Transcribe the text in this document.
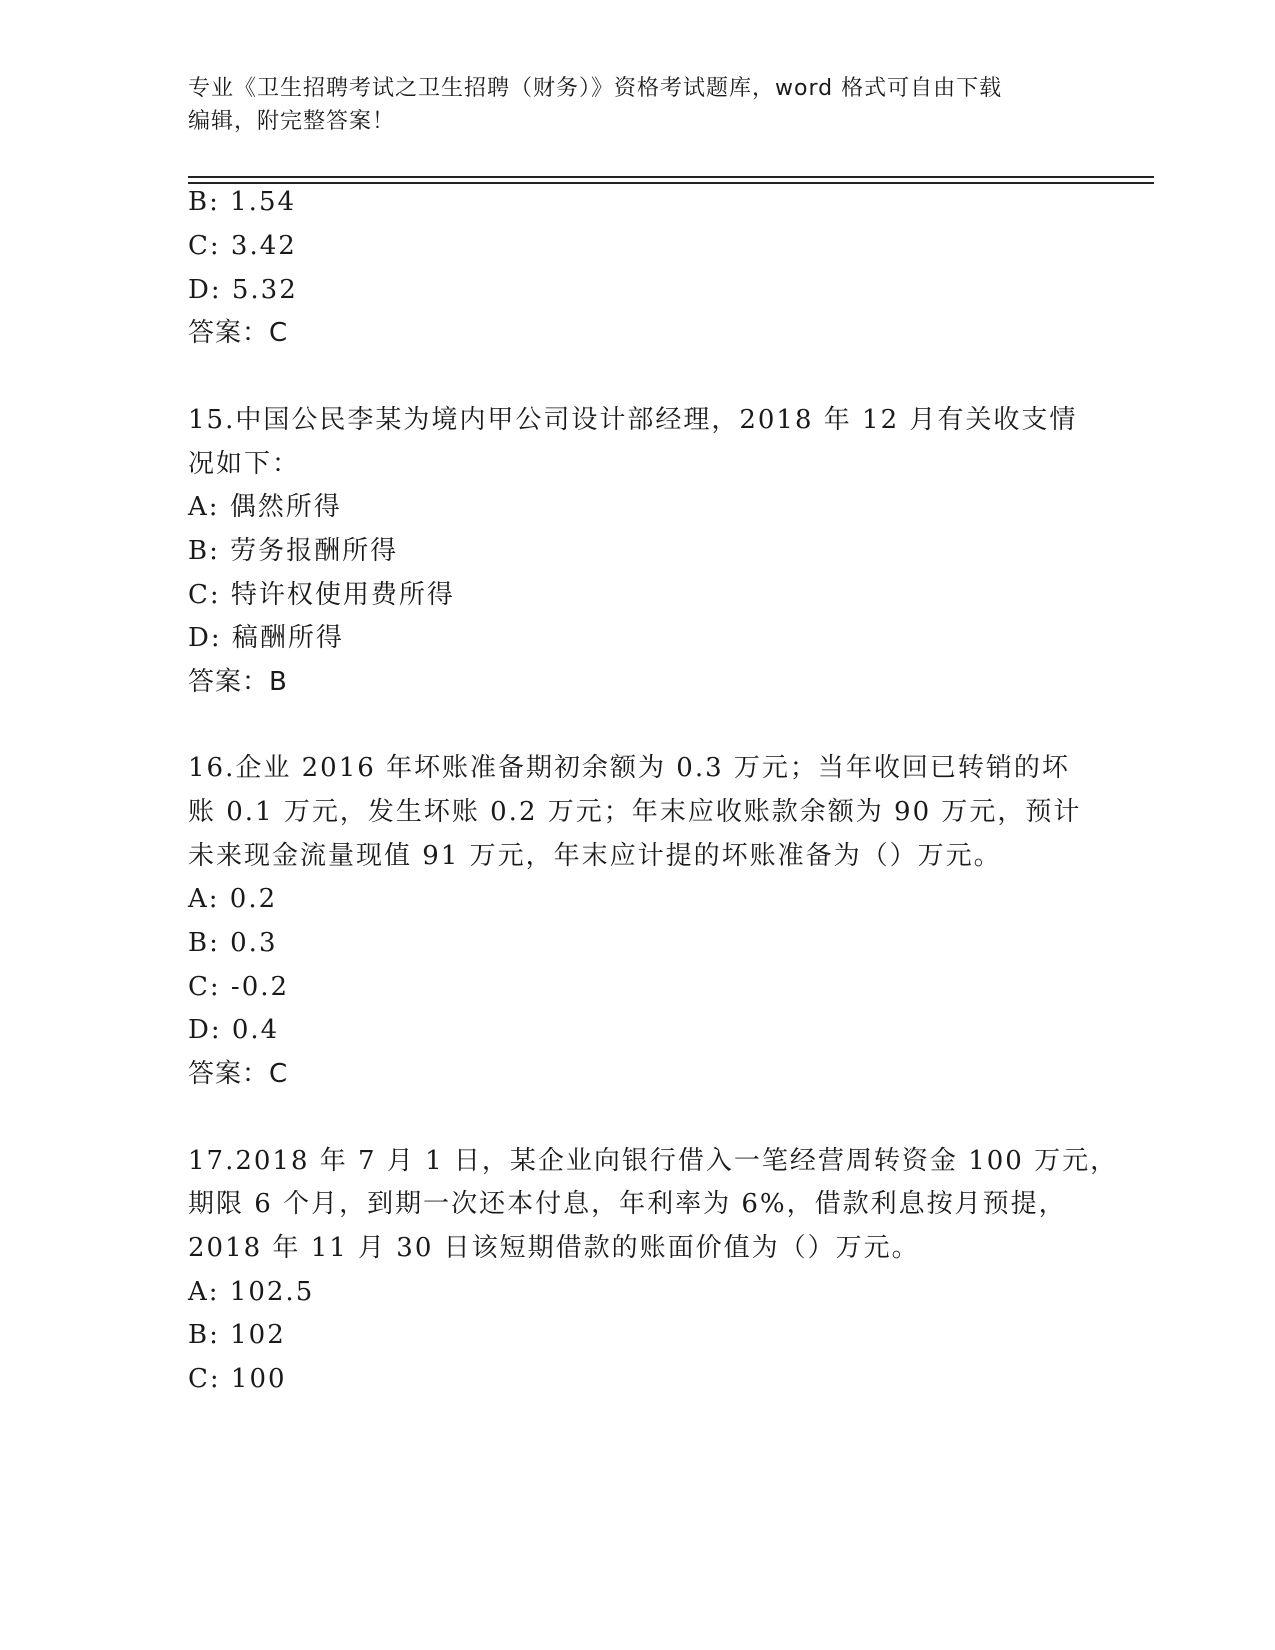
专业《卫生招聘考试之卫生招聘（财务）》资格考试题库，word 格式可自由下载
编辑，附完整答案！
B: 1.54
C: 3.42
D: 5.32
答案：C
15.中国公民李某为境内甲公司设计部经理，2018 年 12 月有关收支情
况如下：
A: 偶然所得
B: 劳务报酬所得
C: 特许权使用费所得
D: 稿酬所得
答案：B
16.企业 2016 年坏账准备期初余额为 0.3 万元；当年收回已转销的坏
账 0.1 万元，发生坏账 0.2 万元；年末应收账款余额为 90 万元，预计
未来现金流量现值 91 万元，年末应计提的坏账准备为（）万元。
A: 0.2
B: 0.3
C: -0.2
D: 0.4
答案：C
17.2018 年 7 月 1 日，某企业向银行借入一笔经营周转资金 100 万元，
期限 6 个月，到期一次还本付息，年利率为 6%，借款利息按月预提，
2018 年 11 月 30 日该短期借款的账面价值为（）万元。
A: 102.5
B: 102
C: 100
